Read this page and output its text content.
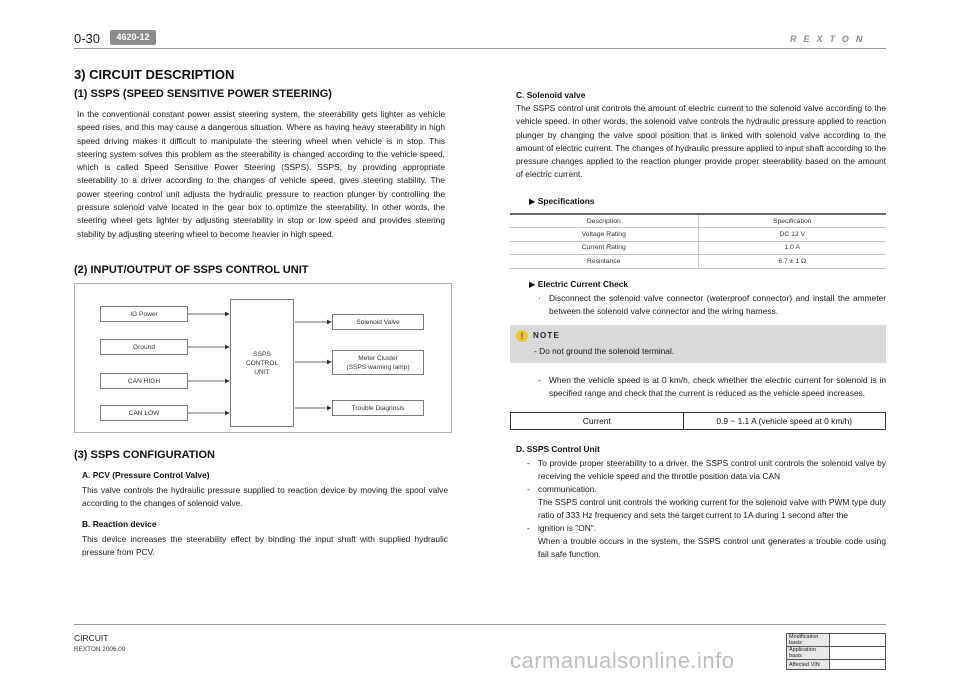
0-30	4620-12	REXTON
3) CIRCUIT DESCRIPTION
(1) SSPS (SPEED SENSITIVE POWER STEERING)
In the conventional constant power assist steering system, the steerability gets lighter as vehicle speed rises, and this may cause a dangerous situation. Where as having heavy steerability in high speed driving makes it difficult to manipulate the steering wheel when vehicle is in stop. This steering system solves this problem as the steerability is changed according to the vehicle speed, which is called Speed Sensitive Power Steering (SSPS). SSPS, by providing appropriate steerability to a driver according to the changes of vehicle speed, gives steering stability. The power steering control unit adjusts the hydraulic pressure to reaction plunger by controlling the pressure solenoid valve located in the gear box to optimize the steerability. In other words, the steering wheel gets lighter by adjusting steerability in stop or low speed and provides steering stability by adjusting steering wheel to become heavier in high speed.
(2) INPUT/OUTPUT OF SSPS CONTROL UNIT
IG Power
Ground
CAN HIGH
CAN LOW
SSPS
CONTROL
UNIT
Solenoid Valve
Meter Cluster
(SSPS warning lamp)
Trouble Diagnosis
(3) SSPS CONFIGURATION
A. PCV (Pressure Control Valve)
This valve controls the hydraulic pressure supplied to reaction device by moving the spool valve according to the changes of solenoid valve.
B. Reaction device
This device increases the steerability effect by binding the input shaft with supplied hydraulic pressure from PCV.
C. Solenoid valve
The SSPS control unit controls the amount of electric current to the solenoid valve according to the vehicle speed. In other words, the solenoid valve controls the hydraulic pressure applied to reaction plunger by changing the valve spool position that is linked with solenoid valve according to the amount of electric current. The changes of hydraulic pressure applied to input shaft according to the pressure changes applied to the reaction plunger provide proper steerability based on the amount of electric current.
▶ Specifications
Description	Specification
Voltage Rating	DC 12 V
Current Rating	1.0 A
Resistance	6.7 ± 1 Ω
▶ Electric Current Check
· Disconnect the solenoid valve connector (waterproof connector) and install the ammeter between the solenoid valve connector and the wiring harness.
!	NOTE
- Do not ground the solenoid terminal.
- When the vehicle speed is at 0 km/h, check whether the electric current for solenoid is in specified range and check that the current is reduced as the vehicle speed increases.
Current	0.9 ~ 1.1 A (vehicle speed at 0 km/h)
D. SSPS Control Unit
- To provide proper steerability to a driver, the SSPS control unit controls the solenoid valve by receiving the vehicle speed and the throttle position data via CAN
- communication.
The SSPS control unit controls the working current for the solenoid valve with PWM type duty ratio of 333 Hz frequency and sets the target current to 1A during 1 second after the
- ignition is "ON".
When a trouble occurs in the system, the SSPS control unit generates a trouble code using fail safe function.
CIRCUIT
REXTON 2006.09
Modification basis	
Application basis	
Affected VIN	
carmanualsonline.info
